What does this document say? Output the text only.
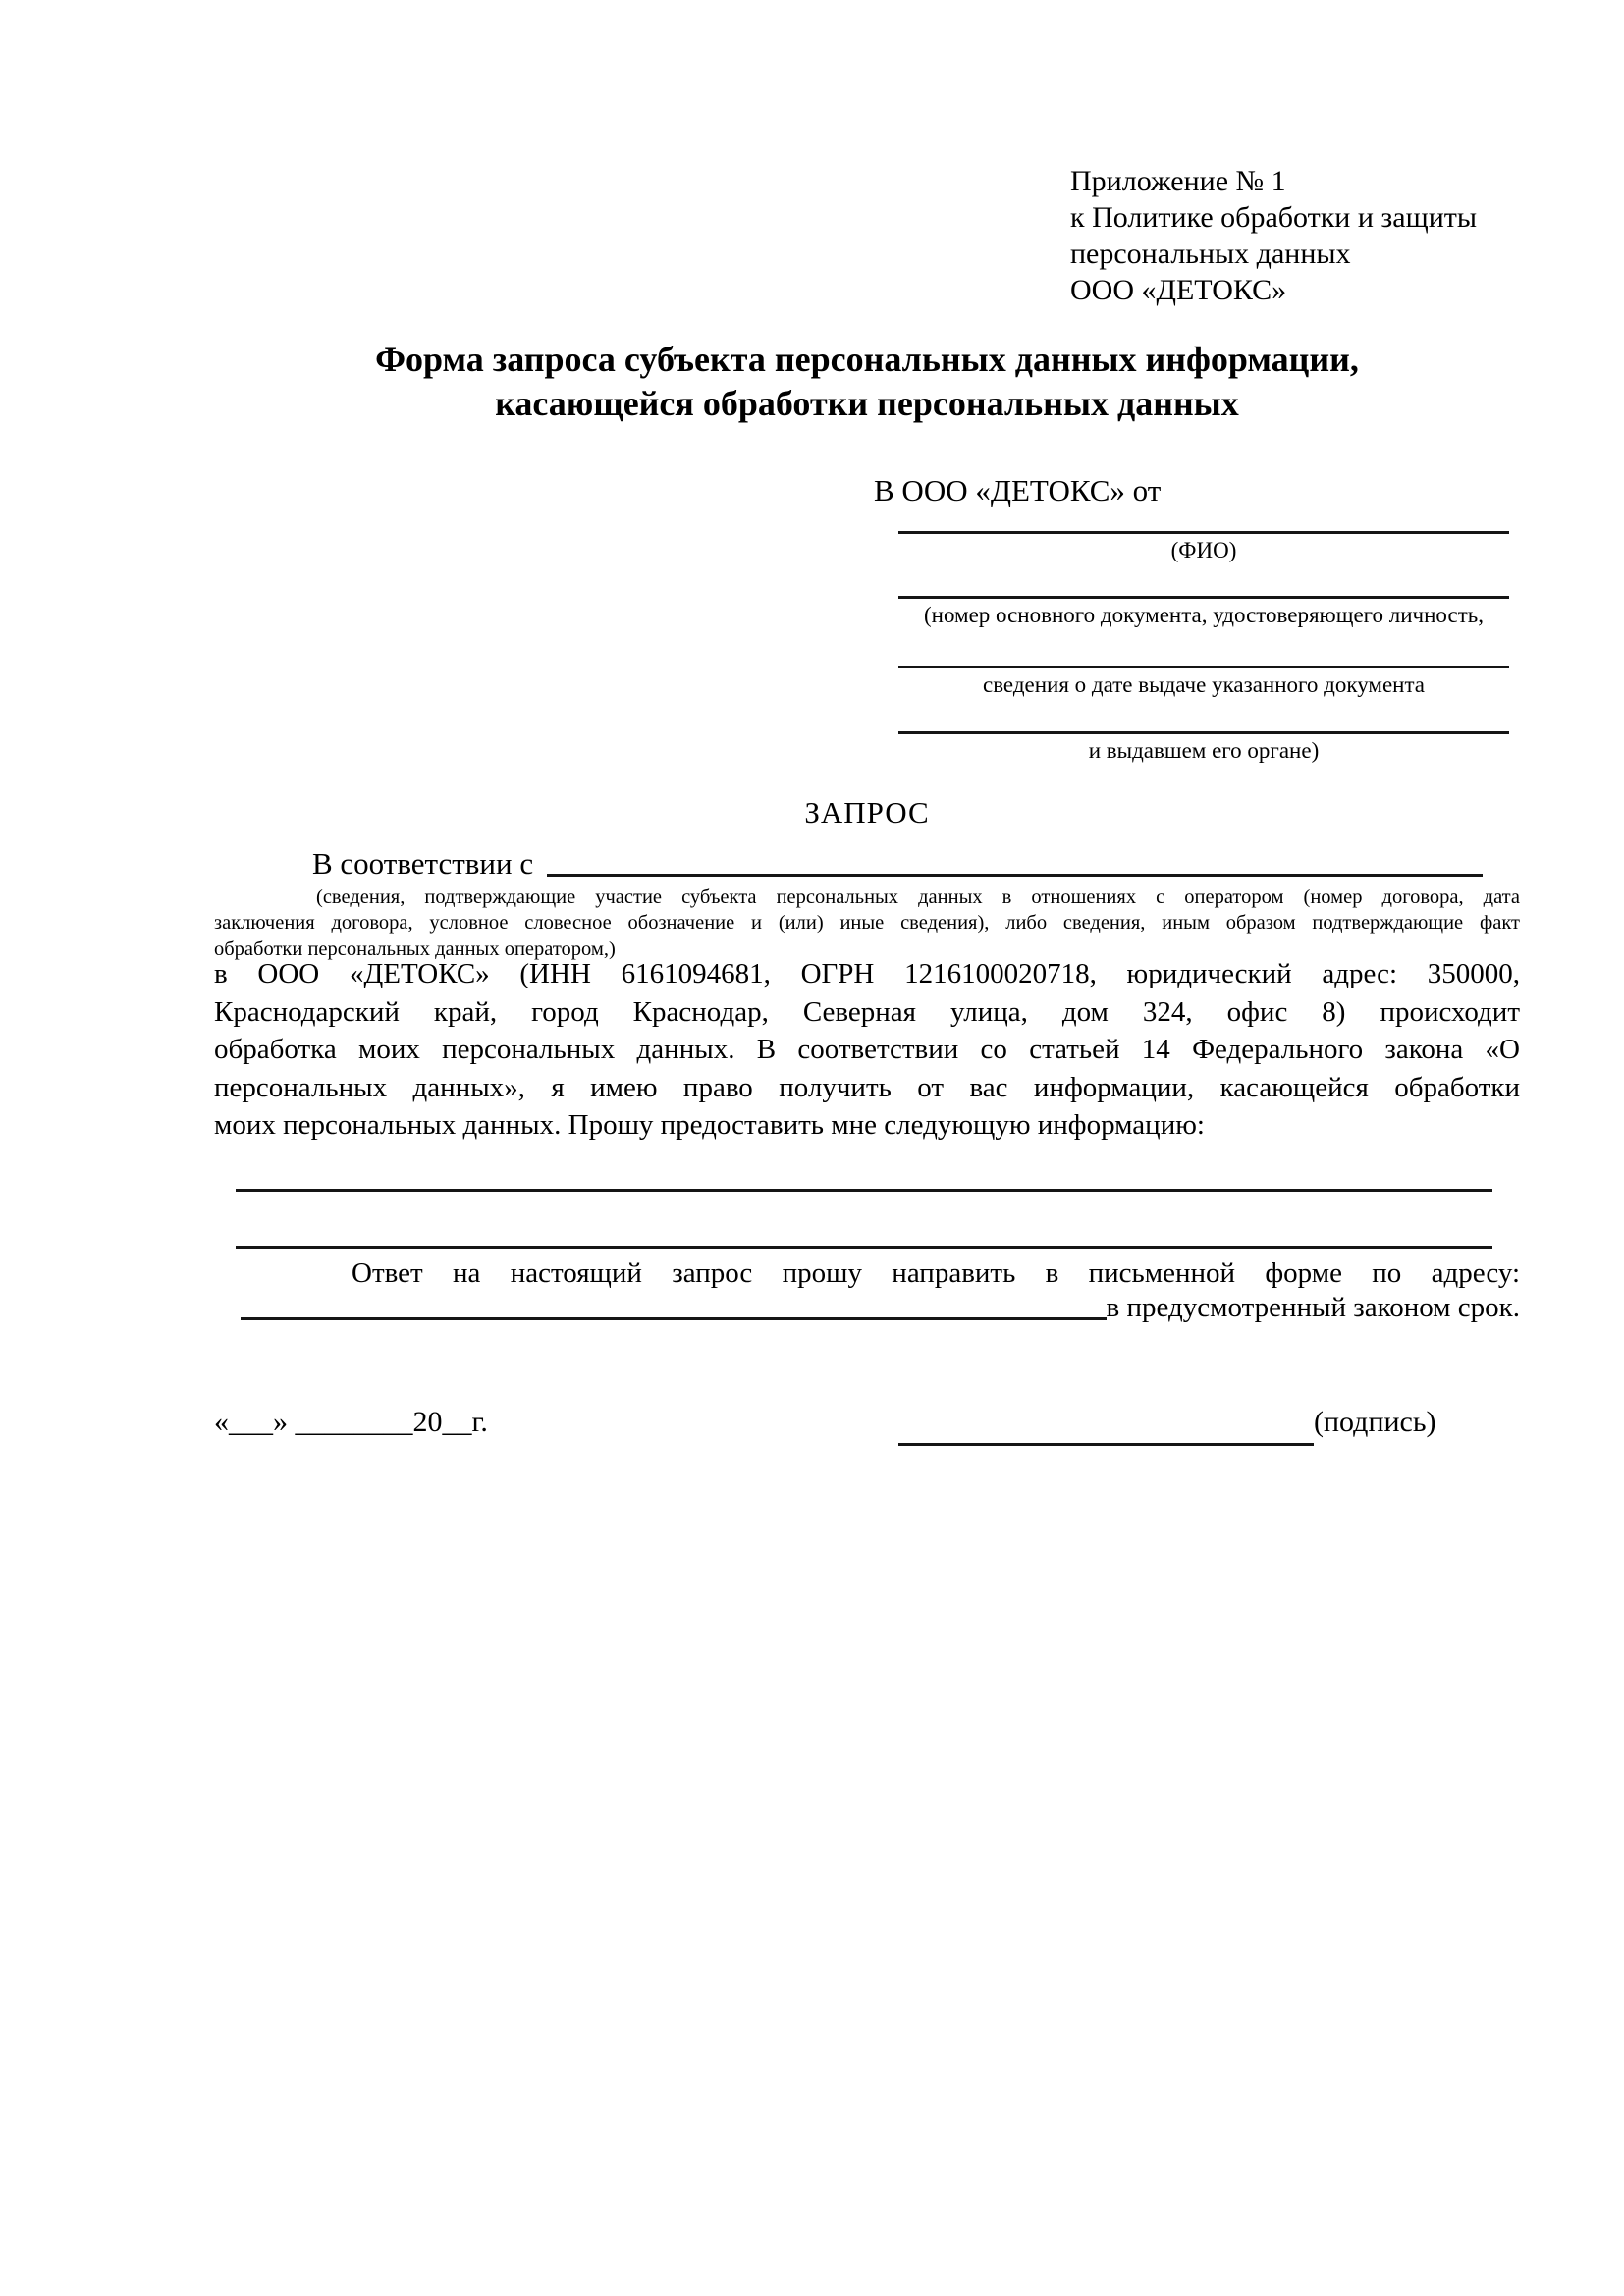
Приложение № 1
к Политике обработки и защиты
персональных данных
ООО «ДЕТОКС»
Форма запроса субъекта персональных данных информации,
касающейся обработки персональных данных
В ООО «ДЕТОКС» от
(ФИО)
(номер основного документа, удостоверяющего личность,
сведения о дате выдаче указанного документа
и выдавшем его органе)
ЗАПРОС
В соответствии с
(сведения, подтверждающие участие субъекта персональных данных в отношениях с оператором (номер договора, дата
заключения договора, условное словесное обозначение и (или) иные сведения), либо сведения, иным образом подтверждающие факт
обработки персональных данных оператором,)
в ООО «ДЕТОКС» (ИНН 6161094681, ОГРН 1216100020718, юридический адрес: 350000,
Краснодарский край, город Краснодар, Северная улица, дом 324, офис 8) происходит
обработка моих персональных данных. В соответствии со статьей 14 Федерального закона «О
персональных данных», я имею право получить от вас информации, касающейся обработки
моих персональных данных. Прошу предоставить мне следующую информацию:
Ответ на настоящий запрос прошу направить в письменной форме по адресу:
в предусмотренный законом срок.
«___» ________20__г.	(подпись)
